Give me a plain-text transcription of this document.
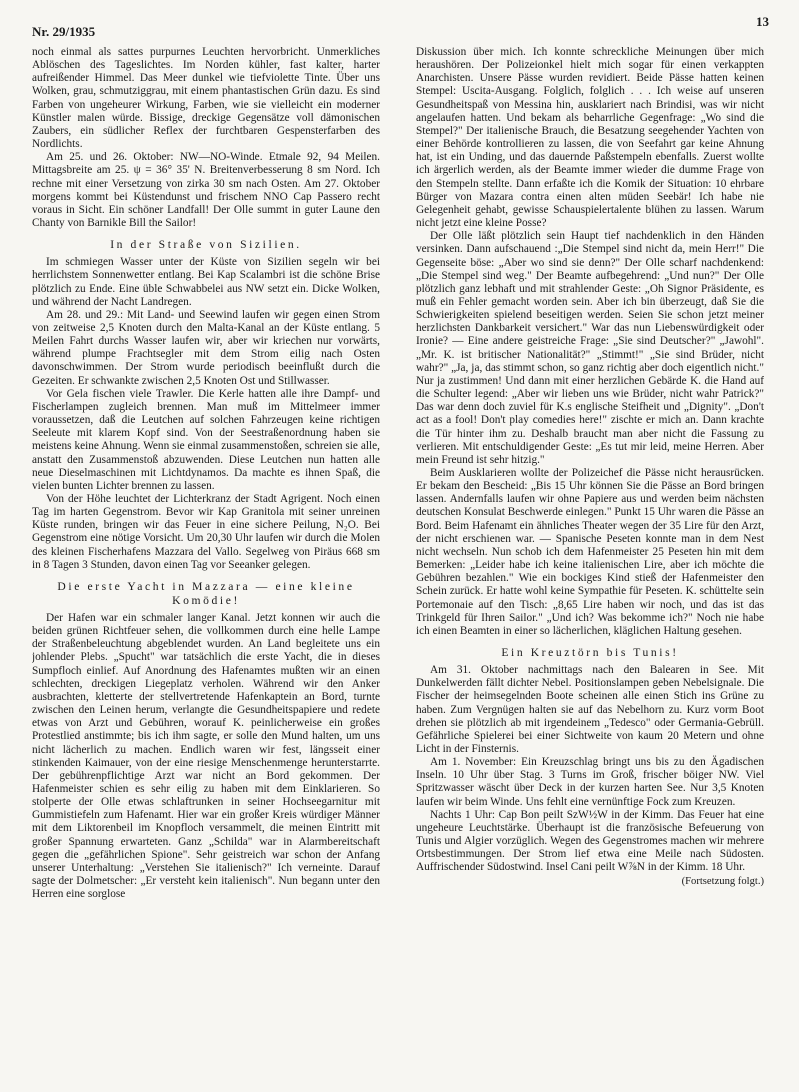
Nr. 29/1935
13

noch einmal als sattes purpurnes Leuchten hervorbricht. Unmerkliches Ablöschen des Tageslichtes. Im Norden kühler, fast kalter, harter aufreißender Himmel. Das Meer dunkel wie tiefviolette Tinte. Über uns Wolken, grau, schmutziggrau, mit einem phantastischen Grün dazu. Es sind Farben von ungeheurer Wirkung, Farben, wie sie vielleicht ein moderner Künstler malen würde. Bissige, dreckige Gegensätze voll dämonischen Zaubers, ein südlicher Reflex der furchtbaren Gespensterfarben des Nordlichts.

Am 25. und 26. Oktober: NW—NO-Winde. Etmale 92, 94 Meilen. Mittagsbreite am 25. ψ = 36° 35' N. Breitenverbesserung 8 sm Nord. Ich rechne mit einer Versetzung von zirka 30 sm nach Osten. Am 27. Oktober morgens kommt bei Küstendunst und frischem NNO Cap Passero recht voraus in Sicht. Ein schöner Landfall! Der Olle summt in guter Laune den Chanty von Barnikle Bill the Sailor!

In der Straße von Sizilien.

Im schmiegen Wasser unter der Küste von Sizilien segeln wir bei herrlichstem Sonnenwetter entlang. Bei Kap Scalambri ist die schöne Brise plötzlich zu Ende. Eine üble Schwabbelei aus NW setzt ein. Dicke Wolken, und während der Nacht Landregen.

Am 28. und 29.: Mit Land- und Seewind laufen wir gegen einen Strom von zeitweise 2,5 Knoten durch den Malta-Kanal an der Küste entlang. 5 Meilen Fahrt durchs Wasser laufen wir, aber wir kriechen nur vorwärts, während plumpe Frachtsegler mit dem Strom eilig nach Osten davonschwimmen. Der Strom wurde periodisch beeinflußt durch die Gezeiten. Er schwankte zwischen 2,5 Knoten Ost und Stillwasser.

Vor Gela fischen viele Trawler. Die Kerle hatten alle ihre Dampf- und Fischerlampen zugleich brennen. Man muß im Mittelmeer immer voraussetzen, daß die Leutchen auf solchen Fahrzeugen keine richtigen Seeleute mit klarem Kopf sind. Von der Seestraßenordnung haben sie meistens keine Ahnung. Wenn sie einmal zusammenstoßen, schreien sie alle, anstatt den Zusammenstoß abzuwenden. Diese Leutchen nun hatten alle neue Dieselmaschinen mit Lichtdynamos. Da machte es ihnen Spaß, die vielen bunten Lichter brennen zu lassen.

Von der Höhe leuchtet der Lichterkranz der Stadt Agrigent. Noch einen Tag im harten Gegenstrom. Bevor wir Kap Granitola mit seiner unreinen Küste runden, bringen wir das Feuer in eine sichere Peilung, N₂O. Bei Gegenstrom eine nötige Vorsicht. Um 20,30 Uhr laufen wir durch die Molen des kleinen Fischerhafens Mazzara del Vallo. Segelweg von Piräus 668 sm in 8 Tagen 3 Stunden, davon einen Tag vor Seeanker gelegen.

Die erste Yacht in Mazzara — eine kleine Komödie!

Der Hafen war ein schmaler langer Kanal. Jetzt konnen wir auch die beiden grünen Richtfeuer sehen, die vollkommen durch eine helle Lampe der Straßenbeleuchtung abgeblendet wurden. An Land begleitete uns ein johlender Plebs. „Spucht" war tatsächlich die erste Yacht, die in dieses Sumpfloch einlief. Auf Anordnung des Hafenamtes mußten wir an einen schlechten, dreckigen Liegeplatz verholen. Während wir den Anker ausbrachten, kletterte der stellvertretende Hafenkaptein an Bord, turnte zwischen den Leinen herum, verlangte die Gesundheitspapiere und redete etwas von Arzt und Gebühren, worauf K. peinlicherweise ein großes Protestlied anstimmte; bis ich ihm sagte, er solle den Mund halten, um uns nicht lächerlich zu machen. Endlich waren wir fest, längsseit einer stinkenden Kaimauer, von der eine riesige Menschenmenge herunterstarrte. Der gebührenpflichtige Arzt war nicht an Bord gekommen. Der Hafenmeister schien es sehr eilig zu haben mit dem Einklarieren. So stolperte der Olle etwas schlaftrunken in seiner Hochseegarnitur mit Gummistiefeln zum Hafenamt. Hier war ein großer Kreis würdiger Männer mit dem Liktorenbeil im Knopfloch versammelt, die meinen Eintritt mit großer Spannung erwarteten. Ganz „Schilda" war in Alarmbereitschaft gegen die „gefährlichen Spione". Sehr geistreich war schon der Anfang unserer Unterhaltung: „Verstehen Sie italienisch?" Ich verneinte. Darauf sagte der Dolmetscher: „Er versteht kein italienisch". Nun begann unter den Herren eine sorglose

Diskussion über mich. Ich konnte schreckliche Meinungen über mich heraushören. Der Polizeionkel hielt mich sogar für einen verkappten Anarchisten. Unsere Pässe wurden revidiert. Beide Pässe hatten keinen Stempel: Uscita-Ausgang. Folglich, folglich . . . Ich weise auf unseren Gesundheitspaß von Messina hin, ausklariert nach Brindisi, was wir nicht angelaufen hatten. Und bekam als beharrliche Gegenfrage: „Wo sind die Stempel?" Der italienische Brauch, die Besatzung seegehender Yachten von einer Behörde kontrollieren zu lassen, die von Seefahrt gar keine Ahnung hat, ist ein Unding, und das dauernde Paßstempeln ebenfalls. Zuerst wollte ich ärgerlich werden, als der Beamte immer wieder die dumme Frage von den Stempeln stellte. Dann erfaßte ich die Komik der Situation: 10 ehrbare Bürger von Mazara contra einen alten müden Seebär! Ich habe nie Gelegenheit gehabt, gewisse Schauspielertalente blühen zu lassen. Warum nicht jetzt eine kleine Posse?

Der Olle läßt plötzlich sein Haupt tief nachdenklich in den Händen versinken. Dann aufschauend :„Die Stempel sind nicht da, mein Herr!" Die Gegenseite böse: „Aber wo sind sie denn?" Der Olle scharf nachdenkend: „Die Stempel sind weg." Der Beamte aufbegehrend: „Und nun?" Der Olle plötzlich ganz lebhaft und mit strahlender Geste: „Oh Signor Präsidente, es muß ein Fehler gemacht worden sein. Aber ich bin überzeugt, daß Sie die Schwierigkeiten spielend beseitigen werden. Seien Sie schon jetzt meiner herzlichsten Dankbarkeit versichert." War das nun Liebenswürdigkeit oder Ironie? — Eine andere geistreiche Frage: „Sie sind Deutscher?" „Jawohl". „Mr. K. ist britischer Nationalität?" „Stimmt!" „Sie sind Brüder, nicht wahr?" „Ja, ja, das stimmt schon, so ganz richtig aber doch eigentlich nicht." Nur ja zustimmen! Und dann mit einer herzlichen Gebärde K. die Hand auf die Schulter legend: „Aber wir lieben uns wie Brüder, nicht wahr Patrick?" Das war denn doch zuviel für K.s englische Steifheit und „Dignity". „Don't act as a fool! Don't play comedies here!" zischte er mich an. Dann krachte die Tür hinter ihm zu. Deshalb braucht man aber nicht die Fassung zu verlieren. Mit entschuldigender Geste: „Es tut mir leid, meine Herren. Aber mein Freund ist sehr hitzig."

Beim Ausklarieren wollte der Polizeichef die Pässe nicht herausrücken. Er bekam den Bescheid: „Bis 15 Uhr können Sie die Pässe an Bord bringen lassen. Andernfalls laufen wir ohne Papiere aus und werden beim nächsten deutschen Konsulat Beschwerde einlegen." Punkt 15 Uhr waren die Pässe an Bord. Beim Hafenamt ein ähnliches Theater wegen der 35 Lire für den Arzt, der nicht erschienen war. — Spanische Peseten konnte man in dem Nest nicht wechseln. Nun schob ich dem Hafenmeister 25 Peseten hin mit dem Bemerken: „Leider habe ich keine italienischen Lire, aber ich möchte die Gebühren bezahlen." Wie ein bockiges Kind stieß der Hafenmeister den Schein zurück. Er hatte wohl keine Sympathie für Peseten. K. schüttelte sein Portemonaie auf den Tisch: „8,65 Lire haben wir noch, und das ist das Trinkgeld für Ihren Sailor." „Und ich? Was bekomme ich?" Noch nie habe ich einen Beamten in einer so lächerlichen, kläglichen Haltung gesehen.

Ein Kreuztörn bis Tunis!

Am 31. Oktober nachmittags nach den Balearen in See. Mit Dunkelwerden fällt dichter Nebel. Positionslampen geben Nebelsignale. Die Fischer der heimsegelnden Boote scheinen alle einen Stich ins Grüne zu haben. Zum Vergnügen halten sie auf das Nebelhorn zu. Kurz vorm Boot drehen sie plötzlich ab mit irgendeinem „Tedesco" oder Germania-Gebrüll. Gefährliche Spielerei bei einer Sichtweite von kaum 20 Metern und ohne Licht in der Finsternis.

Am 1. November: Ein Kreuzschlag bringt uns bis zu den Ägadischen Inseln. 10 Uhr über Stag. 3 Turns im Groß, frischer böiger NW. Viel Spritzwasser wäscht über Deck in der kurzen harten See. Nur 3,5 Knoten laufen wir beim Winde. Uns fehlt eine vernünftige Fock zum Kreuzen.

Nachts 1 Uhr: Cap Bon peilt SzW½W in der Kimm. Das Feuer hat eine ungeheure Leuchtstärke. Überhaupt ist die französische Befeuerung von Tunis und Algier vorzüglich. Wegen des Gegenstromes machen wir mehrere Ortsbestimmungen. Der Strom lief etwa eine Meile nach Südosten. Auffrischender Südostwind. Insel Cani peilt W⅞N in der Kimm. 18 Uhr.

(Fortsetzung folgt.)
